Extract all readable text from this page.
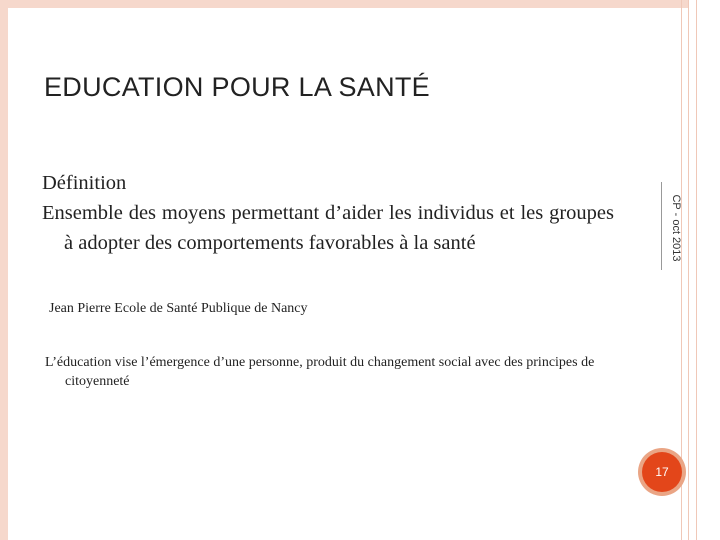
EDUCATION POUR LA SANTÉ
CP - oct 2013
Définition
Ensemble des moyens permettant d’aider les individus et les groupes à adopter des comportements favorables à la santé
Jean Pierre Ecole de Santé Publique de Nancy
L’éducation vise l’émergence d’une personne, produit du changement social avec des principes de citoyenneté
17
